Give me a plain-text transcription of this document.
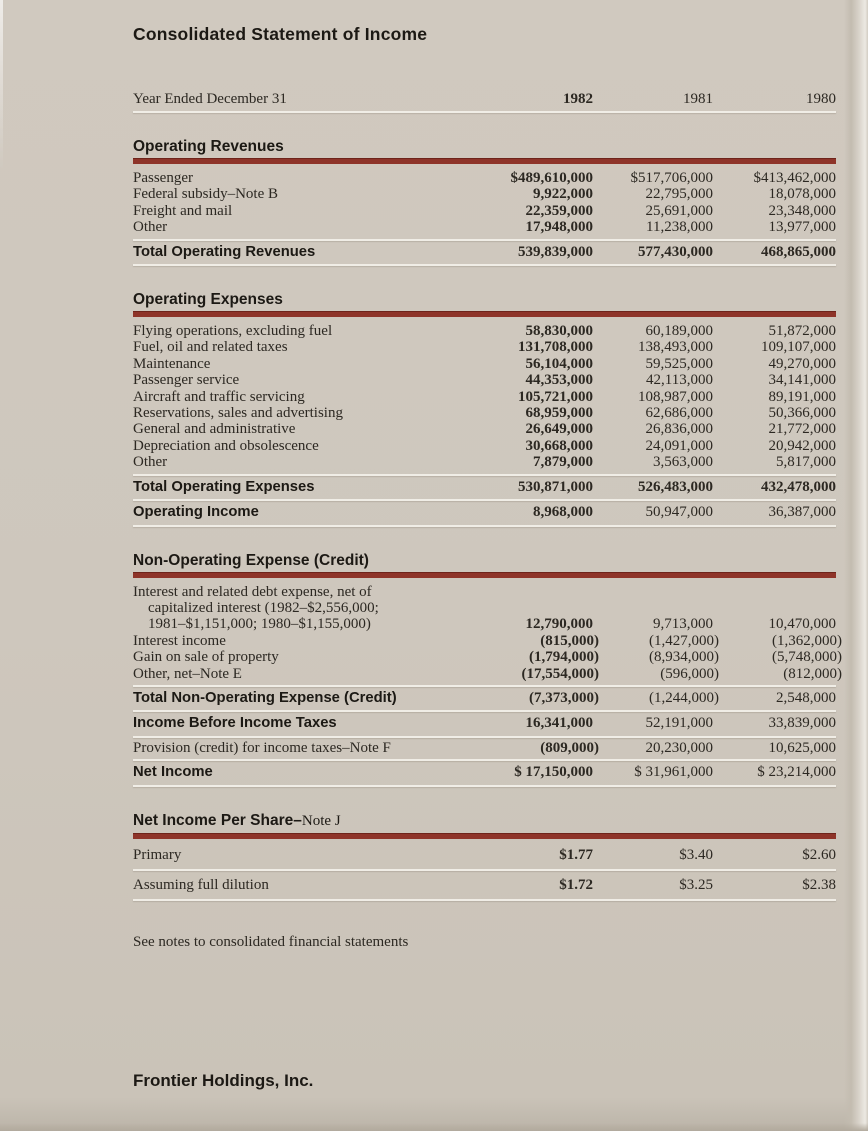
Consolidated Statement of Income
Year Ended December 31	1982	1981	1980
Operating Revenues
Passenger	$489,610,000	$517,706,000	$413,462,000
Federal subsidy–Note B	9,922,000	22,795,000	18,078,000
Freight and mail	22,359,000	25,691,000	23,348,000
Other	17,948,000	11,238,000	13,977,000
Total Operating Revenues	539,839,000	577,430,000	468,865,000
Operating Expenses
Flying operations, excluding fuel	58,830,000	60,189,000	51,872,000
Fuel, oil and related taxes	131,708,000	138,493,000	109,107,000
Maintenance	56,104,000	59,525,000	49,270,000
Passenger service	44,353,000	42,113,000	34,141,000
Aircraft and traffic servicing	105,721,000	108,987,000	89,191,000
Reservations, sales and advertising	68,959,000	62,686,000	50,366,000
General and administrative	26,649,000	26,836,000	21,772,000
Depreciation and obsolescence	30,668,000	24,091,000	20,942,000
Other	7,879,000	3,563,000	5,817,000
Total Operating Expenses	530,871,000	526,483,000	432,478,000
Operating Income	8,968,000	50,947,000	36,387,000
Non-Operating Expense (Credit)
Interest and related debt expense, net of
capitalized interest (1982–$2,556,000;
1981–$1,151,000; 1980–$1,155,000)	12,790,000	9,713,000	10,470,000
Interest income	(815,000)	(1,427,000)	(1,362,000)
Gain on sale of property	(1,794,000)	(8,934,000)	(5,748,000)
Other, net–Note E	(17,554,000)	(596,000)	(812,000)
Total Non-Operating Expense (Credit)	(7,373,000)	(1,244,000)	2,548,000
Income Before Income Taxes	16,341,000	52,191,000	33,839,000
Provision (credit) for income taxes–Note F	(809,000)	20,230,000	10,625,000
Net Income	$ 17,150,000	$ 31,961,000	$ 23,214,000
Net Income Per Share–Note J
Primary	$1.77	$3.40	$2.60
Assuming full dilution	$1.72	$3.25	$2.38
See notes to consolidated financial statements
Frontier Holdings, Inc.
